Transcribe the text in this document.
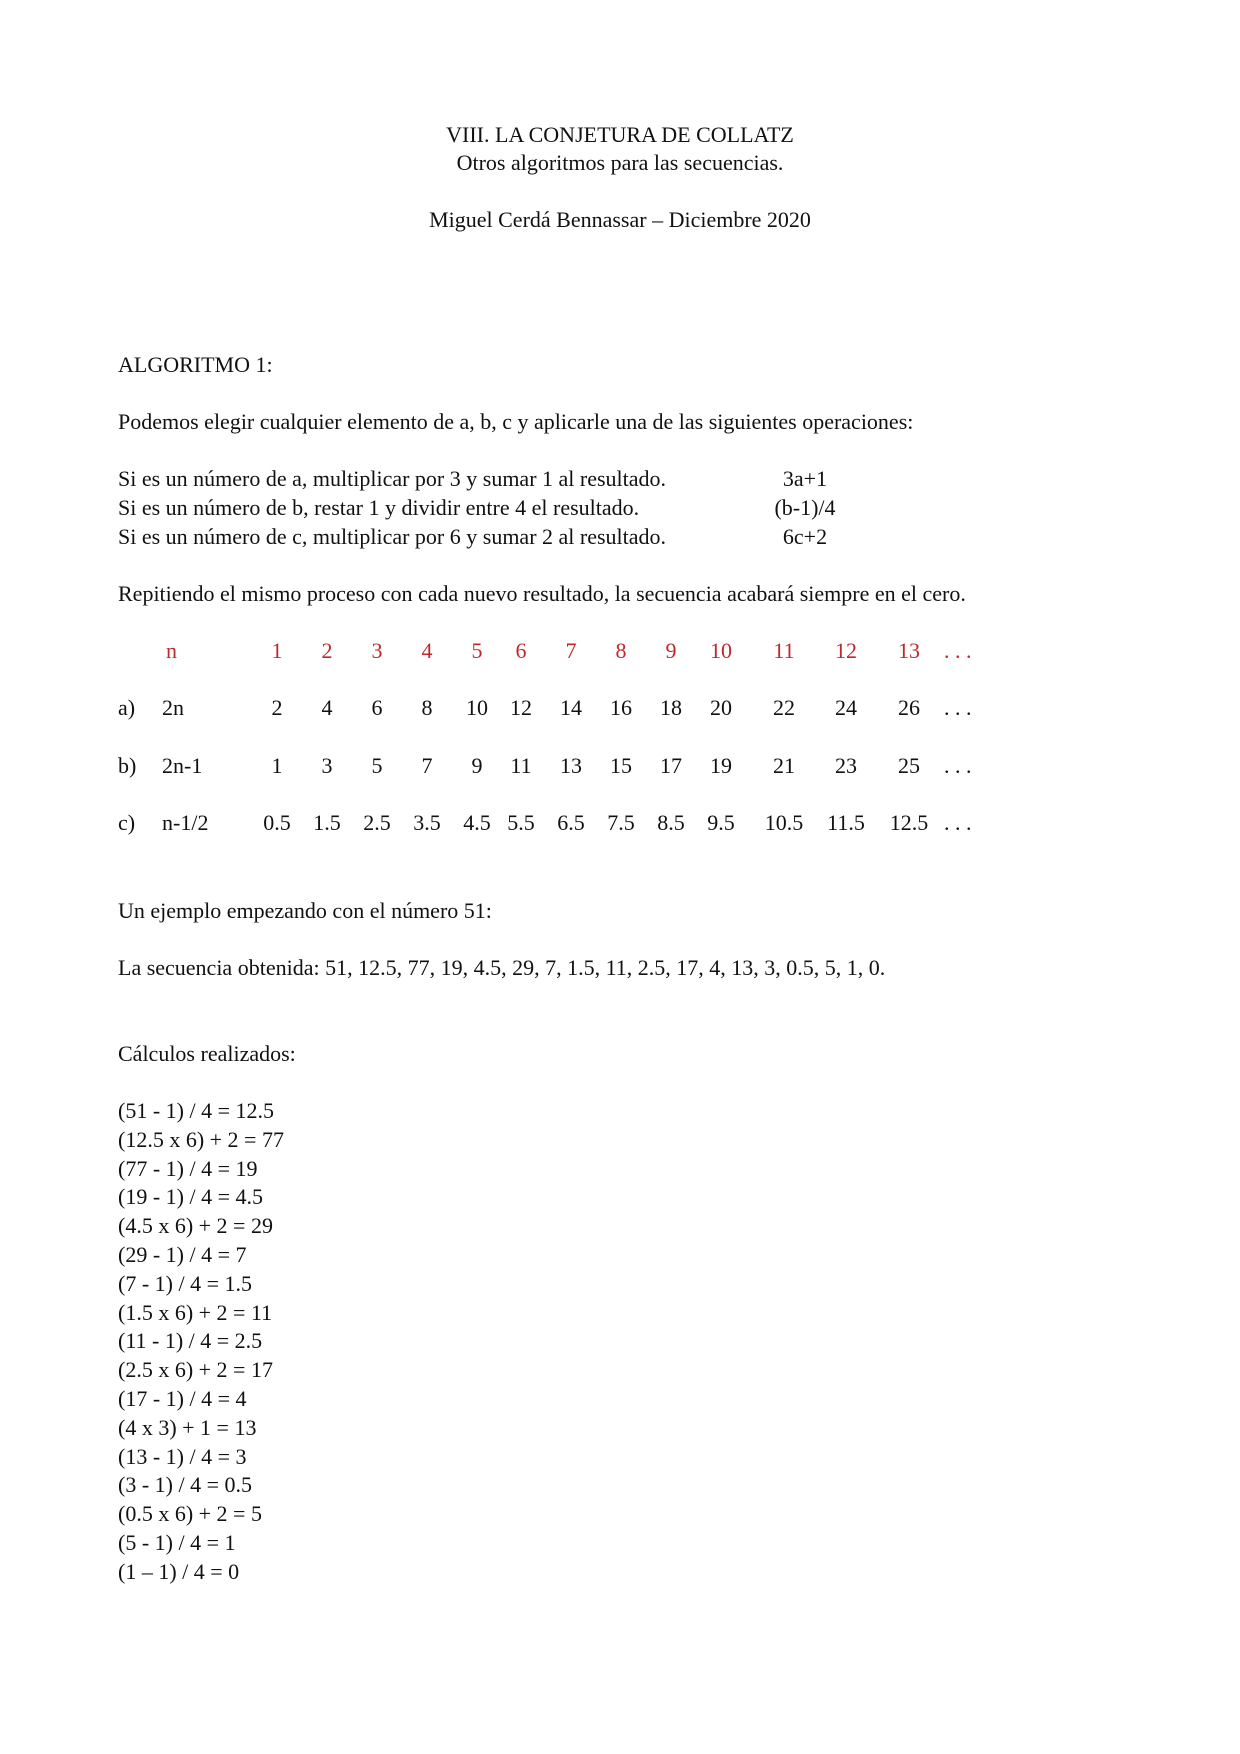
VIII. LA CONJETURA DE COLLATZ
Otros algoritmos para las secuencias.
Miguel Cerdá Bennassar – Diciembre 2020
ALGORITMO 1:
Podemos elegir cualquier elemento de a, b, c y aplicarle una de las siguientes operaciones:
Si es un número de a, multiplicar por 3 y sumar 1 al resultado.	3a+1
Si es un número de b, restar 1 y dividir entre 4 el resultado.	(b-1)/4
Si es un número de c, multiplicar por 6 y sumar 2 al resultado.	6c+2
Repitiendo el mismo proceso con cada nuevo resultado, la secuencia acabará siempre en el cero.
n	1	2	3	4	5	6	7	8	9	10	11	12	13	. . .
a) 2n	2	4	6	8	10	12	14	16	18	20	22	24	26	. . .
b) 2n-1	1	3	5	7	9	11	13	15	17	19	21	23	25	. . .
c) n-1/2	0.5	1.5	2.5	3.5	4.5 5.5	6.5	7.5	8.5	9.5	10.5	11.5	12.5 . . .
Un ejemplo empezando con el número 51:
La secuencia obtenida: 51, 12.5, 77, 19, 4.5, 29, 7, 1.5, 11, 2.5, 17, 4, 13, 3, 0.5, 5, 1, 0.
Cálculos realizados:
(51 - 1) / 4 = 12.5
(12.5 x 6) + 2 = 77
(77 - 1) / 4 = 19
(19 - 1) / 4 = 4.5
(4.5 x 6) + 2 = 29
(29 - 1) / 4 = 7
(7 - 1) / 4 = 1.5
(1.5 x 6) + 2 = 11
(11 - 1) / 4 = 2.5
(2.5 x 6) + 2 = 17
(17 - 1) / 4 = 4
(4 x 3) + 1 = 13
(13 - 1) / 4 = 3
(3 - 1) / 4 = 0.5
(0.5 x 6) + 2 = 5
(5 - 1) / 4 = 1
(1 – 1) / 4 = 0
